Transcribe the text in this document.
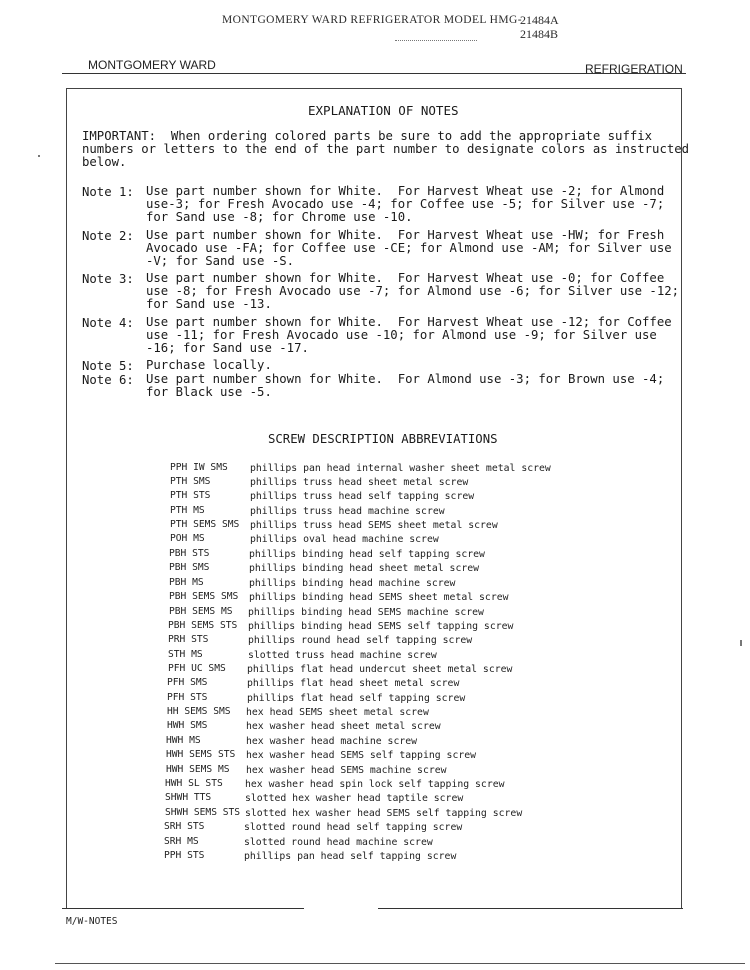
MONTGOMERY WARD REFRIGERATOR MODEL HMG-
21484A
21484B
MONTGOMERY WARD	REFRIGERATION
EXPLANATION OF NOTES
IMPORTANT:  When ordering colored parts be sure to add the appropriate suffix
numbers or letters to the end of the part number to designate colors as instructed
below.
Note 1: Use part number shown for White.  For Harvest Wheat use -2; for Almond
use-3; for Fresh Avocado use -4; for Coffee use -5; for Silver use -7;
for Sand use -8; for Chrome use -10.
Note 2: Use part number shown for White.  For Harvest Wheat use -HW; for Fresh
Avocado use -FA; for Coffee use -CE; for Almond use -AM; for Silver use
-V; for Sand use -S.
Note 3: Use part number shown for White.  For Harvest Wheat use -0; for Coffee
use -8; for Fresh Avocado use -7; for Almond use -6; for Silver use -12;
for Sand use -13.
Note 4: Use part number shown for White.  For Harvest Wheat use -12; for Coffee
use -11; for Fresh Avocado use -10; for Almond use -9; for Silver use
-16; for Sand use -17.
Note 5: Purchase locally.
Note 6: Use part number shown for White.  For Almond use -3; for Brown use -4;
for Black use -5.
SCREW DESCRIPTION ABBREVIATIONS
PPH IW SMS phillips pan head internal washer sheet metal screw
PTH SMS	phillips truss head sheet metal screw
PTH STS	phillips truss head self tapping screw
PTH MS	phillips truss head machine screw
PTH SEMS SMS phillips truss head SEMS sheet metal screw
POH MS	phillips oval head machine screw
PBH STS	phillips binding head self tapping screw
PBH SMS	phillips binding head sheet metal screw
PBH MS	phillips binding head machine screw
PBH SEMS SMS phillips binding head SEMS sheet metal screw
PBH SEMS MS phillips binding head SEMS machine screw
PBH SEMS STS phillips binding head SEMS self tapping screw
PRH STS	phillips round head self tapping screw
STH MS	slotted truss head machine screw
PFH UC SMS phillips flat head undercut sheet metal screw
PFH SMS	phillips flat head sheet metal screw
PFH STS	phillips flat head self tapping screw
HH SEMS SMS hex head SEMS sheet metal screw
HWH SMS	hex washer head sheet metal screw
HWH MS	hex washer head machine screw
HWH SEMS STS hex washer head SEMS self tapping screw
HWH SEMS MS hex washer head SEMS machine screw
HWH SL STS hex washer head spin lock self tapping screw
SHWH TTS	slotted hex washer head taptile screw
SHWH SEMS STS slotted hex washer head SEMS self tapping screw
SRH STS	slotted round head self tapping screw
SRH MS	slotted round head machine screw
PPH STS	phillips pan head self tapping screw
M/W-NOTES
